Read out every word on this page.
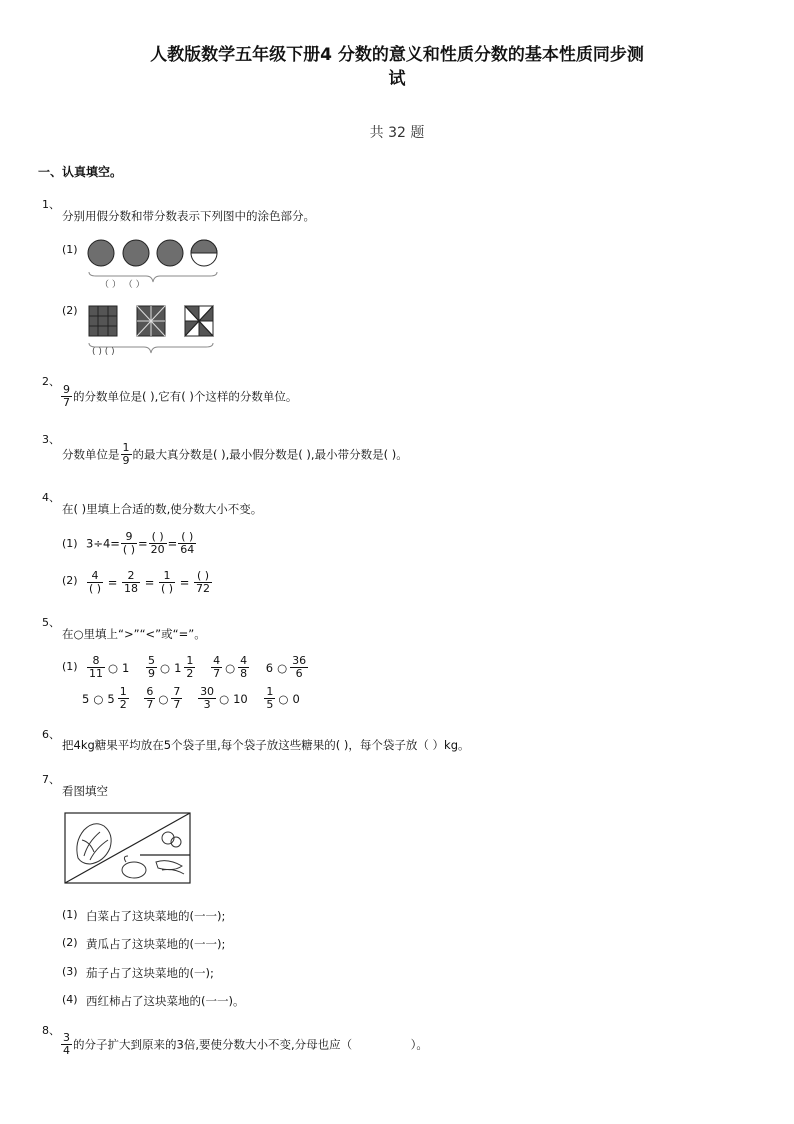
人教版数学五年级下册4 分数的意义和性质分数的基本性质同步测
试
共 32 题
一、认真填空。
1、
分别用假分数和带分数表示下列图中的涂色部分。
(1)
（ ） （ ）
(2)
( ) ( )
2、
$\frac{9}{7}$ 的分数单位是( ),它有( )个这样的分数单位。
3、
分数单位是 $\frac{1}{9}$ 的最大真分数是( ),最小假分数是( ),最小带分数是( )。
4、
在( )里填上合适的数,使分数大小不变。
(1) $3\div 4= \frac{9}{( )} = \frac{( )}{20} = \frac{( )}{64}$
$(2) \frac{4}{( )} = \frac{2}{18} = \frac{1}{( )} = \frac{( )}{72}$
5、
在○里填上“>”“<”或“=”。
$(1) \frac{8}{11}$ ○ $1 \frac{5}{9}$ ○ $1 \frac{1}{2}$
$\frac{4}{7}$ ○ $\frac{4}{8} 6$ ○ $\frac{36}{6}$
5 ○ $5 \frac{1}{2}$
$\frac{6}{7}$ ○ $\frac{7}{7}$
$\frac{30}{3}$ ○ $10 \frac{1}{5}$ ○ 0
6、
把4kg糖果平均放在5个袋子里,每个袋子放这些糖果的( )，每个袋子放（ ）kg。
7、
看图填空
(1) 白菜占了这块菜地的(一一);
(2) 黄瓜占了这块菜地的(一一);
(3) 茄子占了这块菜地的(一);
(4) 西红柿占了这块菜地的(一一)。
8、
$\frac{3}{4}$ 的分子扩大到原来的3倍,要使分数大小不变,分母也应（                ）。
